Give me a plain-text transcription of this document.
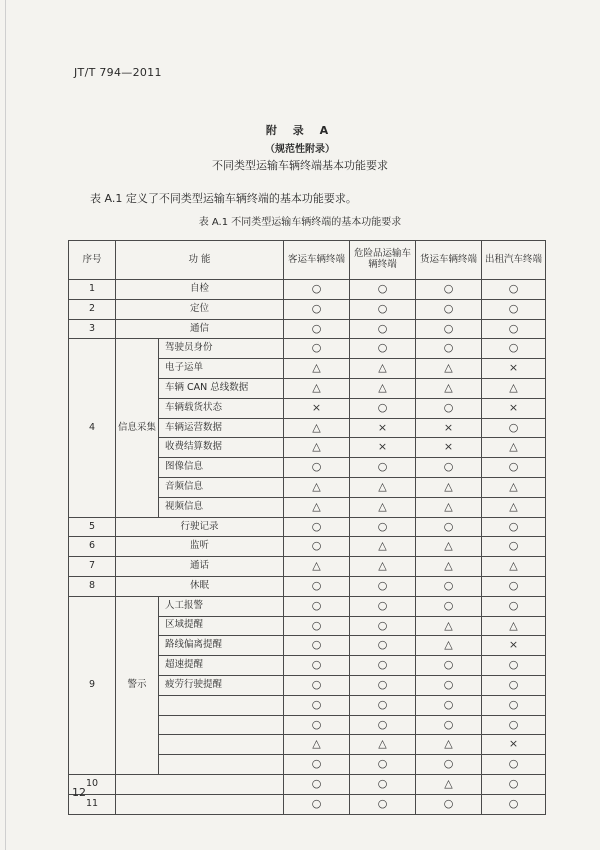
JT/T 794—2011
附 录 A
（规范性附录）
不同类型运输车辆终端基本功能要求
表 A.1 定义了不同类型运输车辆终端的基本功能要求。
表 A.1 不同类型运输车辆终端的基本功能要求
序号	功 能		客运车辆终端	危险品运输车辆终端	货运车辆终端	出租汽车终端
1	自检		○	○	○	○
2	定位		○	○	○	○
3	通信		○	○	○	○
4	信息采集	驾驶员身份	○	○	○	○
		电子运单	△	△	△	×
		车辆 CAN 总线数据	△	△	△	△
		车辆载货状态	×	○	○	×
		车辆运营数据	△	×	×	○
		收费结算数据	△	×	×	△
		图像信息	○	○	○	○
		音频信息	△	△	△	△
		视频信息	△	△	△	△
5	行驶记录		○	○	○	○
6	监听		○	△	△	○
7	通话		△	△	△	△
8	休眠		○	○	○	○
9	警示	人工报警	○	○	○	○
		区域提醒	○	○	△	△
		路线偏离提醒	○	○	△	×
		超速提醒	○	○	○	○
		疲劳行驶提醒	○	○	○	○
			○	○	○	○
			○	○	○	○
			△	△	△	×
			○	○	○	○
10			○	○	△	○
11			○	○	○	○
12
